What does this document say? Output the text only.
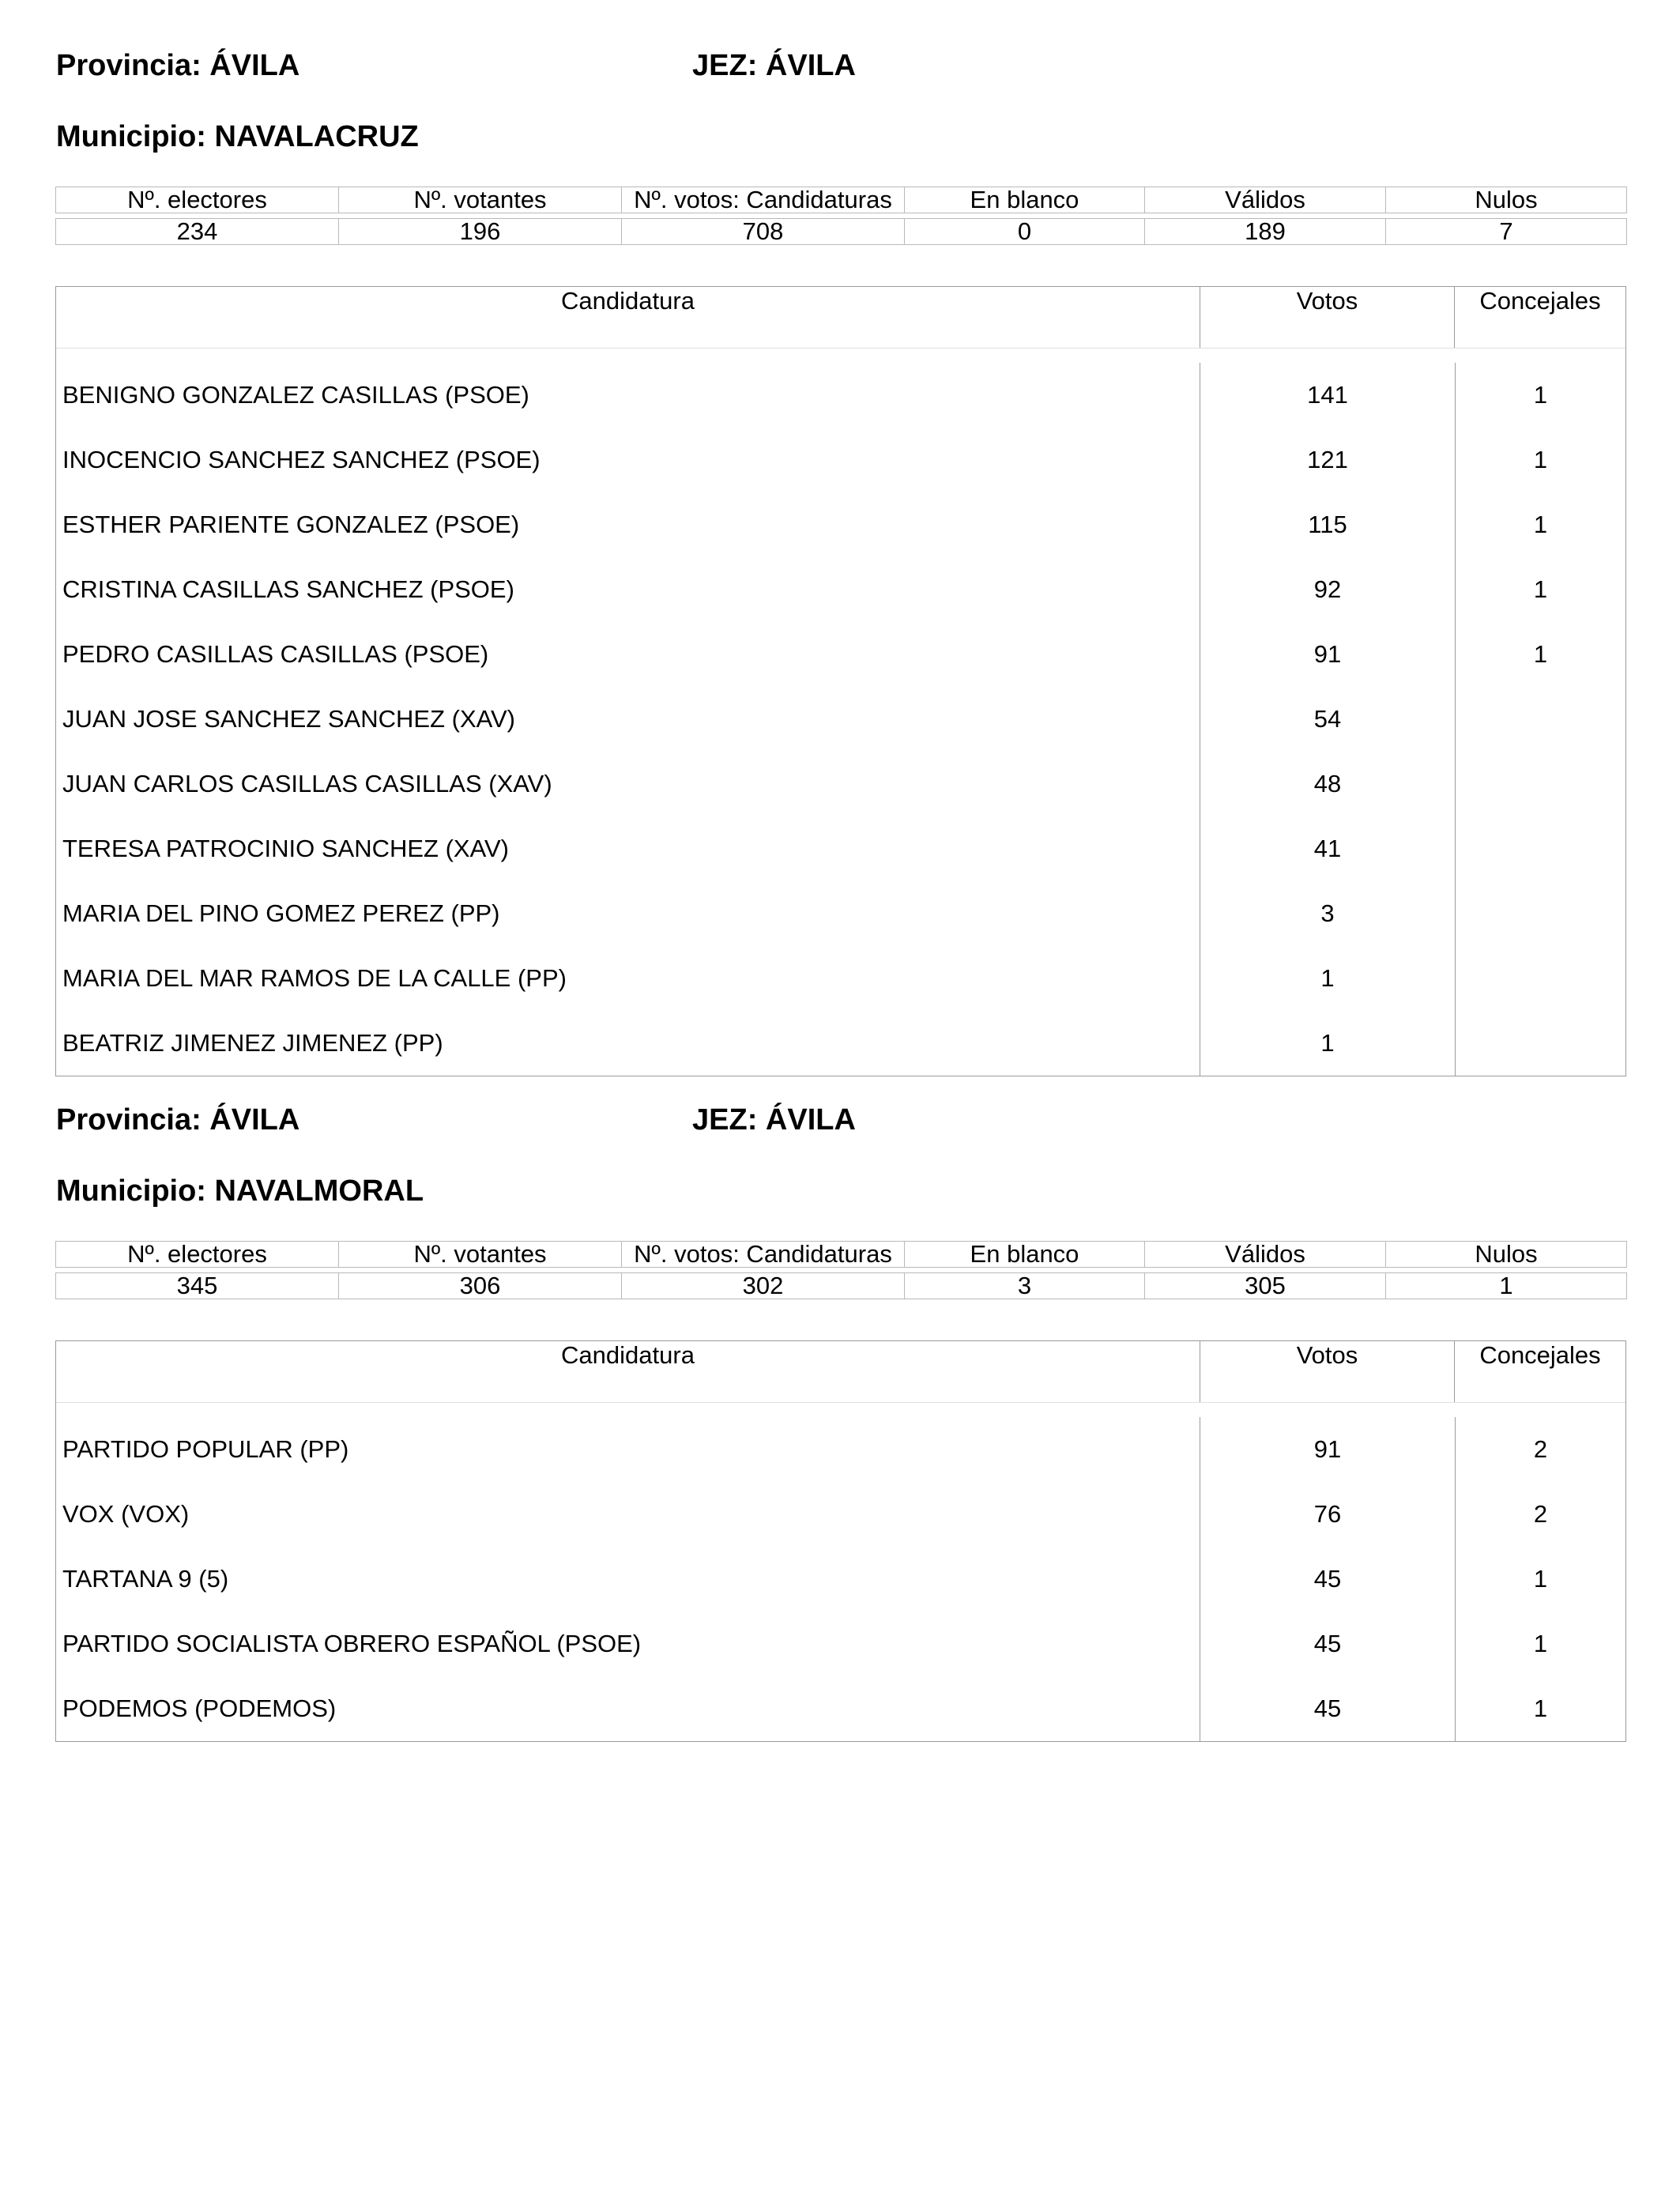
Provincia: ÁVILA	JEZ: ÁVILA
Municipio: NAVALACRUZ
Nº. electores	Nº. votantes	Nº. votos: Candidaturas	En blanco	Válidos	Nulos

234	196	708	0	189	7
Candidatura	Votos	Concejales
BENIGNO GONZALEZ CASILLAS (PSOE)	141	1
INOCENCIO SANCHEZ SANCHEZ (PSOE)	121	1
ESTHER PARIENTE GONZALEZ (PSOE)	115	1
CRISTINA CASILLAS SANCHEZ (PSOE)	92	1
PEDRO CASILLAS CASILLAS (PSOE)	91	1
JUAN JOSE SANCHEZ SANCHEZ (XAV)	54
JUAN CARLOS CASILLAS CASILLAS (XAV)	48
TERESA PATROCINIO SANCHEZ (XAV)	41
MARIA DEL PINO GOMEZ PEREZ (PP)	3
MARIA DEL MAR RAMOS DE LA CALLE (PP)	1
BEATRIZ JIMENEZ JIMENEZ (PP)	1
Provincia: ÁVILA	JEZ: ÁVILA
Municipio: NAVALMORAL
Nº. electores	Nº. votantes	Nº. votos: Candidaturas	En blanco	Válidos	Nulos

345	306	302	3	305	1
Candidatura	Votos	Concejales
PARTIDO POPULAR (PP)	91	2
VOX (VOX)	76	2
TARTANA 9 (5)	45	1
PARTIDO SOCIALISTA OBRERO ESPAÑOL (PSOE)	45	1
PODEMOS (PODEMOS)	45	1
